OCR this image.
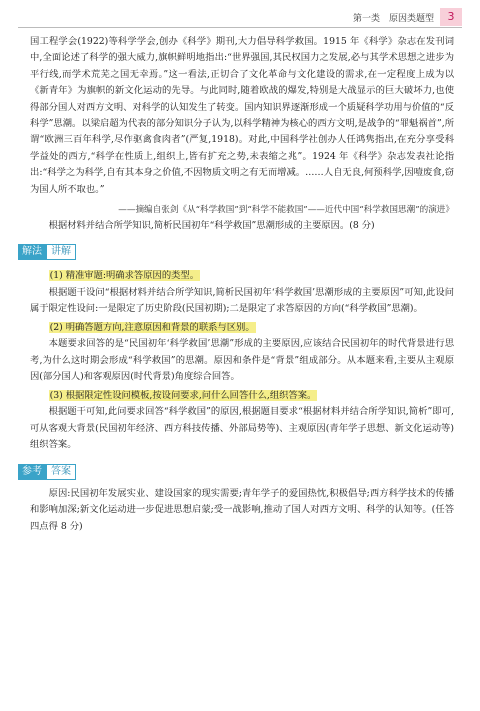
第一类　原因类题型	3

国工程学会(1922)等科学学会,创办《科学》期刊,大力倡导科学救国。1915 年《科学》杂志在发刊词中,全面论述了科学的强大威力,旗帜鲜明地指出:“世界强国,其民权国力之发展,必与其学术思想之进步为平行线,而学术荒芜之国无幸焉。”这一看法,正切合了文化革命与文化建设的需求,在一定程度上成为以《新青年》为旗帜的新文化运动的先导。与此同时,随着欧战的爆发,特别是大战显示的巨大破坏力,也使得部分国人对西方文明、对科学的认知发生了转变。国内知识界逐渐形成一个质疑科学功用与价值的“反科学”思潮。以梁启超为代表的部分知识分子认为,以科学精神为核心的西方文明,是战争的“罪魁祸首”,所谓“欧洲三百年科学,尽作驱禽食肉者”(严复,1918)。对此,中国科学社创办人任鸿隽指出,在充分享受科学益处的西方,“科学在性质上,组织上,皆有扩充之势,未表缩之兆”。1924 年《科学》杂志发表社论指出:“科学之为科学,自有其本身之价值,不因物质文明之有无而增减。……人自无良,何预科学,因噎废食,窃为国人所不取也。”

——摘编自张剑《从“科学救国”到“科学不能救国”——近代中国“科学救国思潮”的演进》

根据材料并结合所学知识,简析民国初年“科学救国”思潮形成的主要原因。(8 分)

解法 讲解

(1) 精准审题:明确求答原因的类型。

根据题干设问“根据材料并结合所学知识,简析民国初年‘科学救国’思潮形成的主要原因”可知,此设问属于限定性设问:一是限定了历史阶段(民国初期);二是限定了求答原因的方向(“科学救国”思潮)。

(2) 明确答题方向,注意原因和背景的联系与区别。

本题要求回答的是“民国初年‘科学救国’思潮”形成的主要原因,应该结合民国初年的时代背景进行思考,为什么这时期会形成“科学救国”的思潮。原因和条件是“背景”组成部分。从本题来看,主要从主观原因(部分国人)和客观原因(时代背景)角度综合回答。

(3) 根据限定性设问模板,按设问要求,问什么回答什么,组织答案。

根据题干可知,此问要求回答“科学救国”的原因,根据题目要求“根据材料并结合所学知识,简析”即可,可从客观大背景(民国初年经济、西方科技传播、外部局势等)、主观原因(青年学子思想、新文化运动等)组织答案。

参考 答案

原因:民国初年发展实业、建设国家的现实需要;青年学子的爱国热忱,积极倡导;西方科学技术的传播和影响加深;新文化运动进一步促进思想启蒙;受一战影响,推动了国人对西方文明、科学的认知等。(任答四点得 8 分)
